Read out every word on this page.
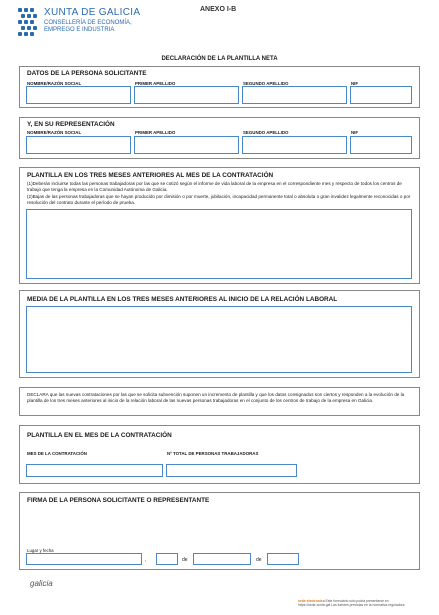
XUNTA DE GALICIA
CONSELLERÍA DE ECONOMÍA,
EMPREGO E INDUSTRIA
ANEXO I-B
DECLARACIÓN DE LA PLANTILLA NETA
DATOS DE LA PERSONA SOLICITANTE
NOMBRE/RAZÓN SOCIAL	PRIMER APELLIDO	SEGUNDO APELLIDO	NIF
Y, EN SU REPRESENTACIÓN
NOMBRE/RAZÓN SOCIAL	PRIMER APELLIDO	SEGUNDO APELLIDO	NIF
PLANTILLA EN LOS TRES MESES ANTERIORES AL MES DE LA CONTRATACIÓN
(1)Deberán incluirse todas las personas trabajadoras por las que se cotizó según el informe de vida laboral de la empresa en el correspondiente mes y respecto de todos los centros de trabajo que tenga la empresa en la Comunidad Autónoma de Galicia.
(2)Bajas de las personas trabajadoras que se hayan producido por dimisión o por muerte, jubilación, incapacidad permanente total o absoluta o gran invalidez legalmente reconocidas o por resolución del contrato durante el período de prueba.
MEDIA DE LA PLANTILLA EN LOS TRES MESES ANTERIORES AL INICIO DE LA RELACIÓN LABORAL
DECLARA que las nuevas contrataciones por las que se solicita subvención suponen un incremento de plantilla y que los datos consignados son ciertos y responden a la evolución de la plantilla de los tres meses anteriores al inicio de la relación laboral de las nuevas personas trabajadoras en el conjunto de los centros de trabajo de la empresa en Galicia.
PLANTILLA EN EL MES DE LA CONTRATACIÓN
MES DE LA CONTRATACIÓN	Nº TOTAL DE PERSONAS TRABAJADORAS
FIRMA DE LA PERSONA SOLICITANTE O REPRESENTANTE
Lugar y fecha
,	de	de
galicia
sede electrónica Este formulario solo podrá presentarse en https://sede.xunta.gal Las fuentes previstas en la normativa reguladora
